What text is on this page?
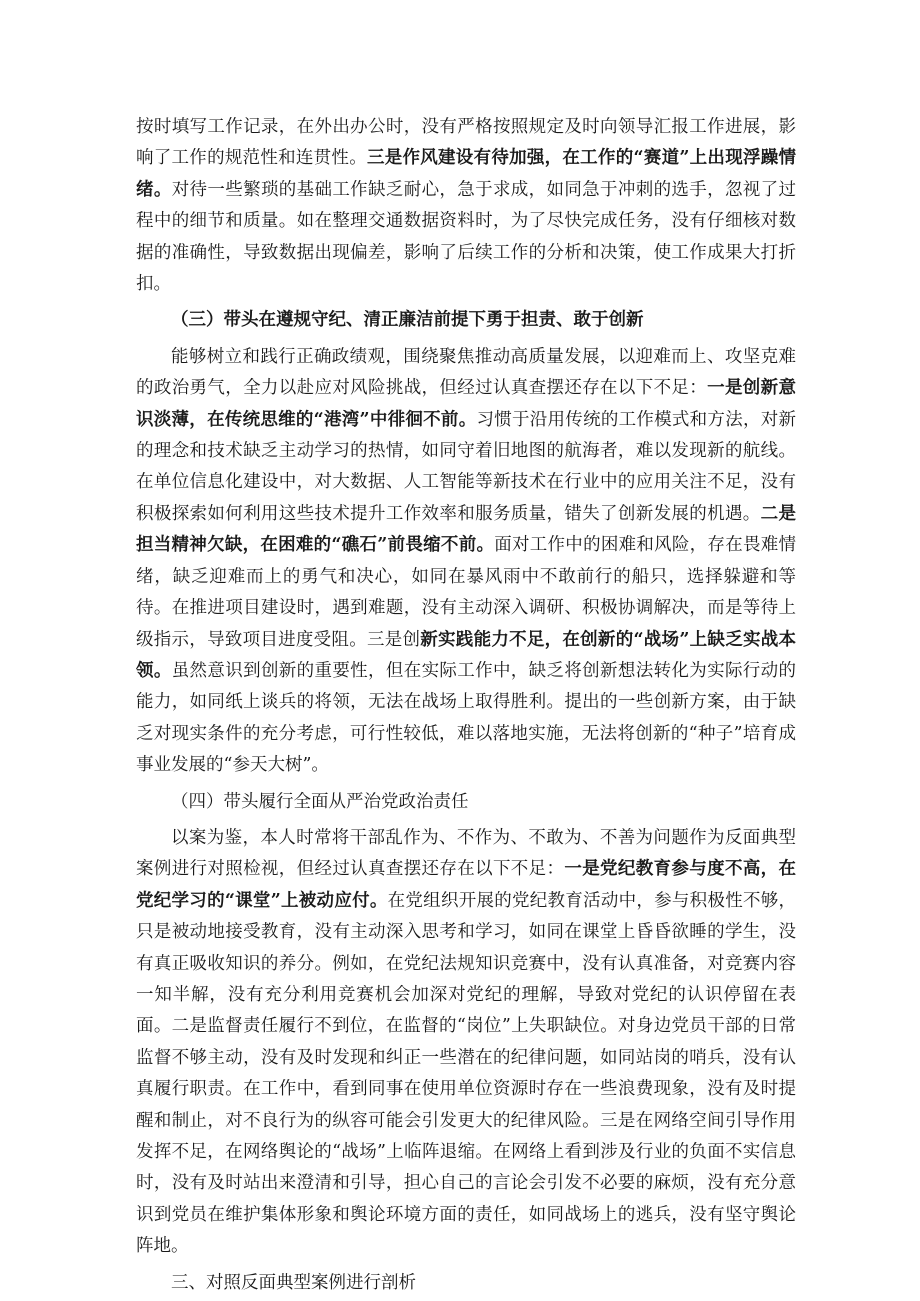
按时填写工作记录，在外出办公时，没有严格按照规定及时向领导汇报工作进展，影响了工作的规范性和连贯性。三是作风建设有待加强，在工作的“赛道”上出现浮躁情绪。对待一些繁琐的基础工作缺乏耐心，急于求成，如同急于冲刺的选手，忽视了过程中的细节和质量。如在整理交通数据资料时，为了尽快完成任务，没有仔细核对数据的准确性，导致数据出现偏差，影响了后续工作的分析和决策，使工作成果大打折扣。

（三）带头在遵规守纪、清正廉洁前提下勇于担责、敢于创新

能够树立和践行正确政绩观，围绕聚焦推动高质量发展，以迎难而上、攻坚克难的政治勇气，全力以赴应对风险挑战，但经过认真查摆还存在以下不足：一是创新意识淡薄，在传统思维的“港湾”中徘徊不前。习惯于沿用传统的工作模式和方法，对新的理念和技术缺乏主动学习的热情，如同守着旧地图的航海者，难以发现新的航线。在单位信息化建设中，对大数据、人工智能等新技术在行业中的应用关注不足，没有积极探索如何利用这些技术提升工作效率和服务质量，错失了创新发展的机遇。二是担当精神欠缺，在困难的“礁石”前畏缩不前。面对工作中的困难和风险，存在畏难情绪，缺乏迎难而上的勇气和决心，如同在暴风雨中不敢前行的船只，选择躲避和等待。在推进项目建设时，遇到难题，没有主动深入调研、积极协调解决，而是等待上级指示，导致项目进度受阻。三是创新实践能力不足，在创新的“战场”上缺乏实战本领。虽然意识到创新的重要性，但在实际工作中，缺乏将创新想法转化为实际行动的能力，如同纸上谈兵的将领，无法在战场上取得胜利。提出的一些创新方案，由于缺乏对现实条件的充分考虑，可行性较低，难以落地实施，无法将创新的“种子”培育成事业发展的“参天大树”。

（四）带头履行全面从严治党政治责任

以案为鉴，本人时常将干部乱作为、不作为、不敢为、不善为问题作为反面典型案例进行对照检视，但经过认真查摆还存在以下不足：一是党纪教育参与度不高，在党纪学习的“课堂”上被动应付。在党组织开展的党纪教育活动中，参与积极性不够，只是被动地接受教育，没有主动深入思考和学习，如同在课堂上昏昏欲睡的学生，没有真正吸收知识的养分。例如，在党纪法规知识竞赛中，没有认真准备，对竞赛内容一知半解，没有充分利用竞赛机会加深对党纪的理解，导致对党纪的认识停留在表面。二是监督责任履行不到位，在监督的“岗位”上失职缺位。对身边党员干部的日常监督不够主动，没有及时发现和纠正一些潜在的纪律问题，如同站岗的哨兵，没有认真履行职责。在工作中，看到同事在使用单位资源时存在一些浪费现象，没有及时提醒和制止，对不良行为的纵容可能会引发更大的纪律风险。三是在网络空间引导作用发挥不足，在网络舆论的“战场”上临阵退缩。在网络上看到涉及行业的负面不实信息时，没有及时站出来澄清和引导，担心自己的言论会引发不必要的麻烦，没有充分意识到党员在维护集体形象和舆论环境方面的责任，如同战场上的逃兵，没有坚守舆论阵地。

三、对照反面典型案例进行剖析
